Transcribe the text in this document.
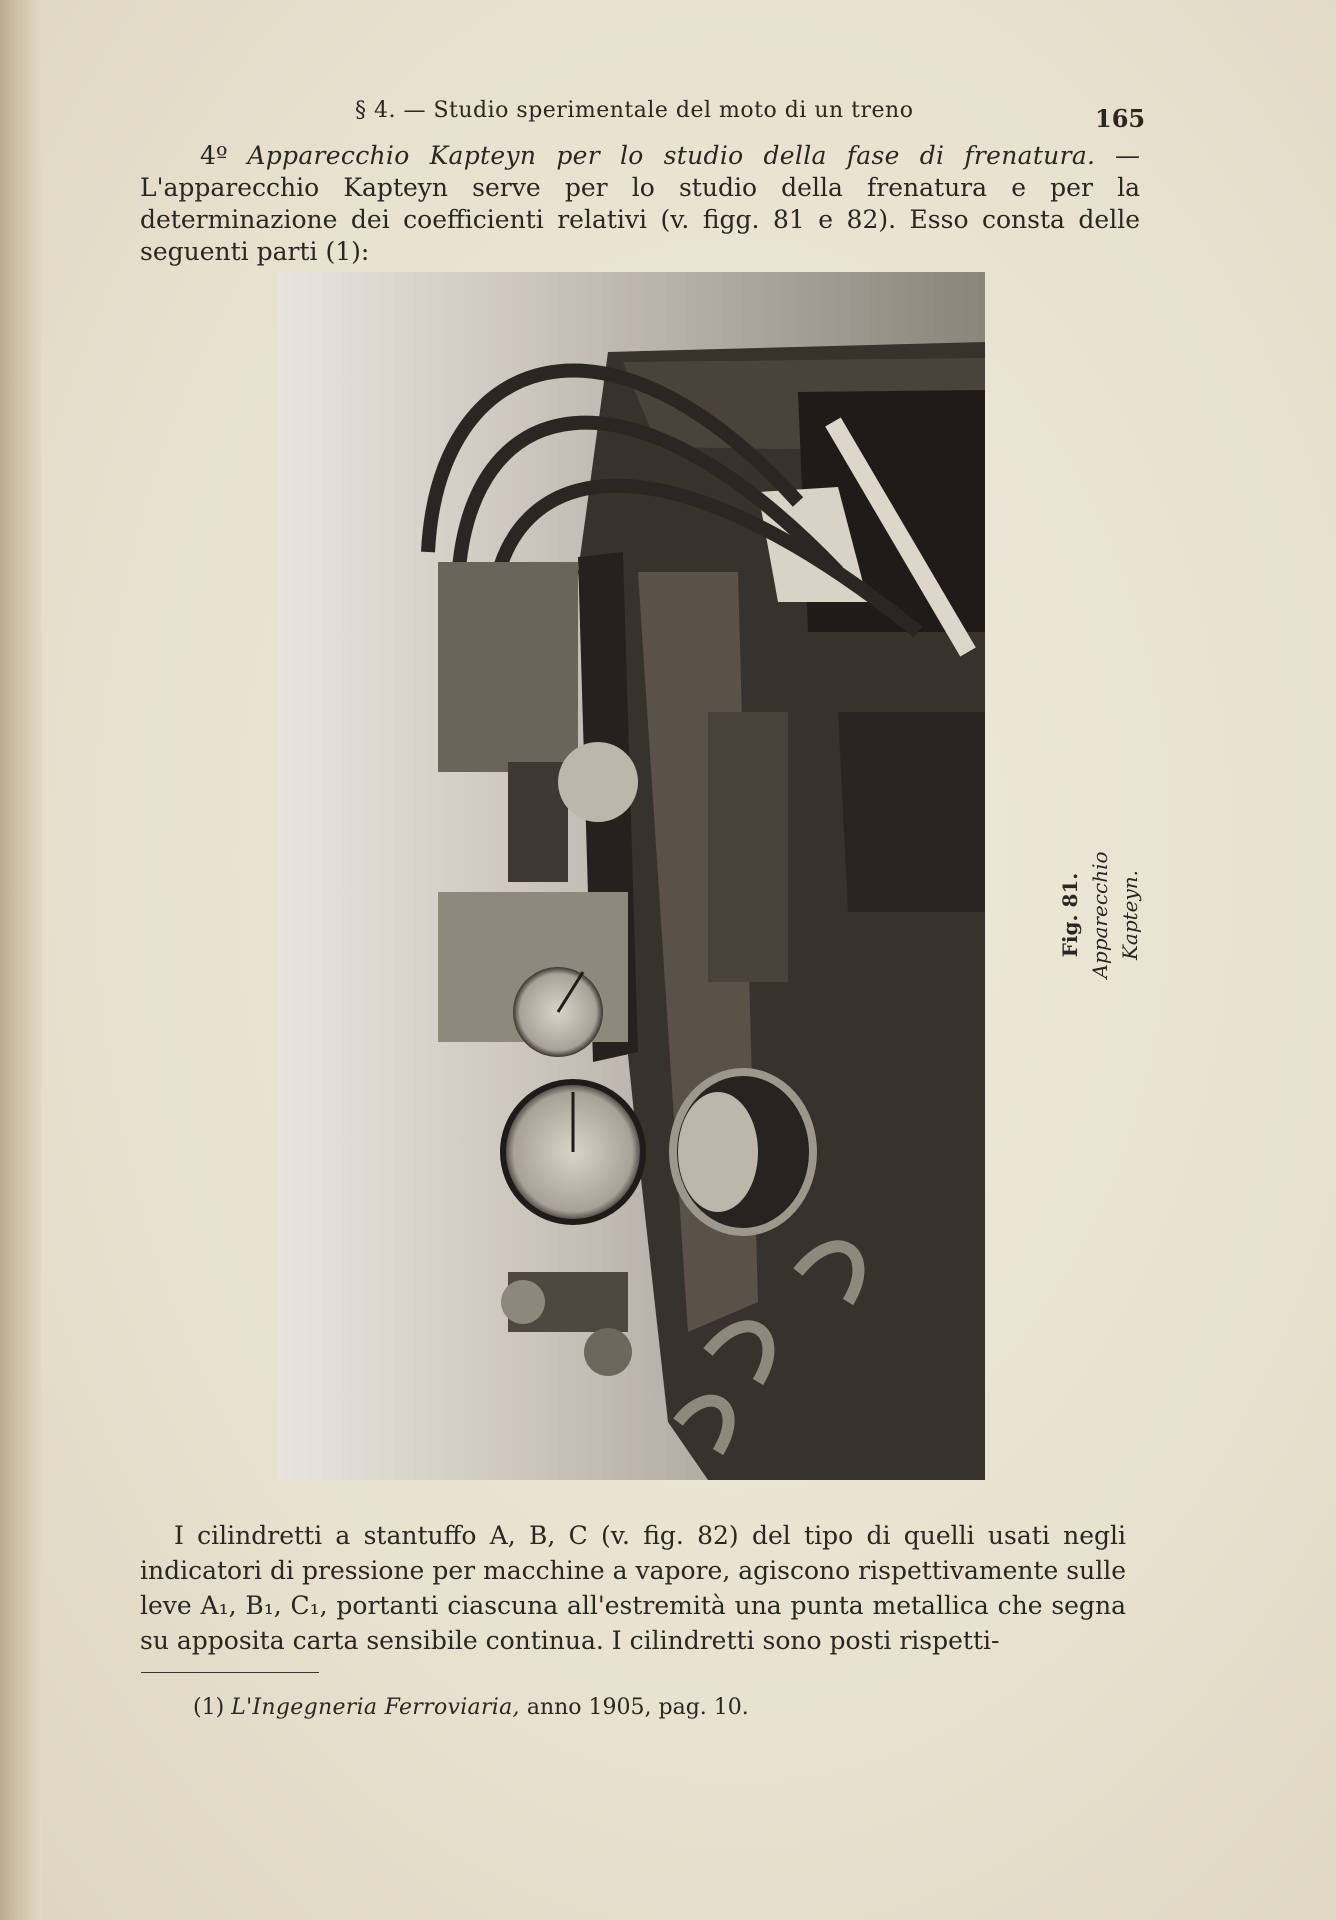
§ 4. — Studio sperimentale del moto di un treno	165
4º Apparecchio Kapteyn per lo studio della fase di frenatura. — L'apparecchio Kapteyn serve per lo studio della frenatura e per la determinazione dei coefficienti relativi (v. figg. 81 e 82). Esso consta delle seguenti parti (1):
Fig. 81. Apparecchio Kapteyn.
I cilindretti a stantuffo A, B, C (v. fig. 82) del tipo di quelli usati negli indicatori di pressione per macchine a vapore, agiscono rispettivamente sulle leve A₁, B₁, C₁, portanti ciascuna all'estremità una punta metallica che segna su apposita carta sensibile continua. I cilindretti sono posti rispetti-
(1) L'Ingegneria Ferroviaria, anno 1905, pag. 10.
